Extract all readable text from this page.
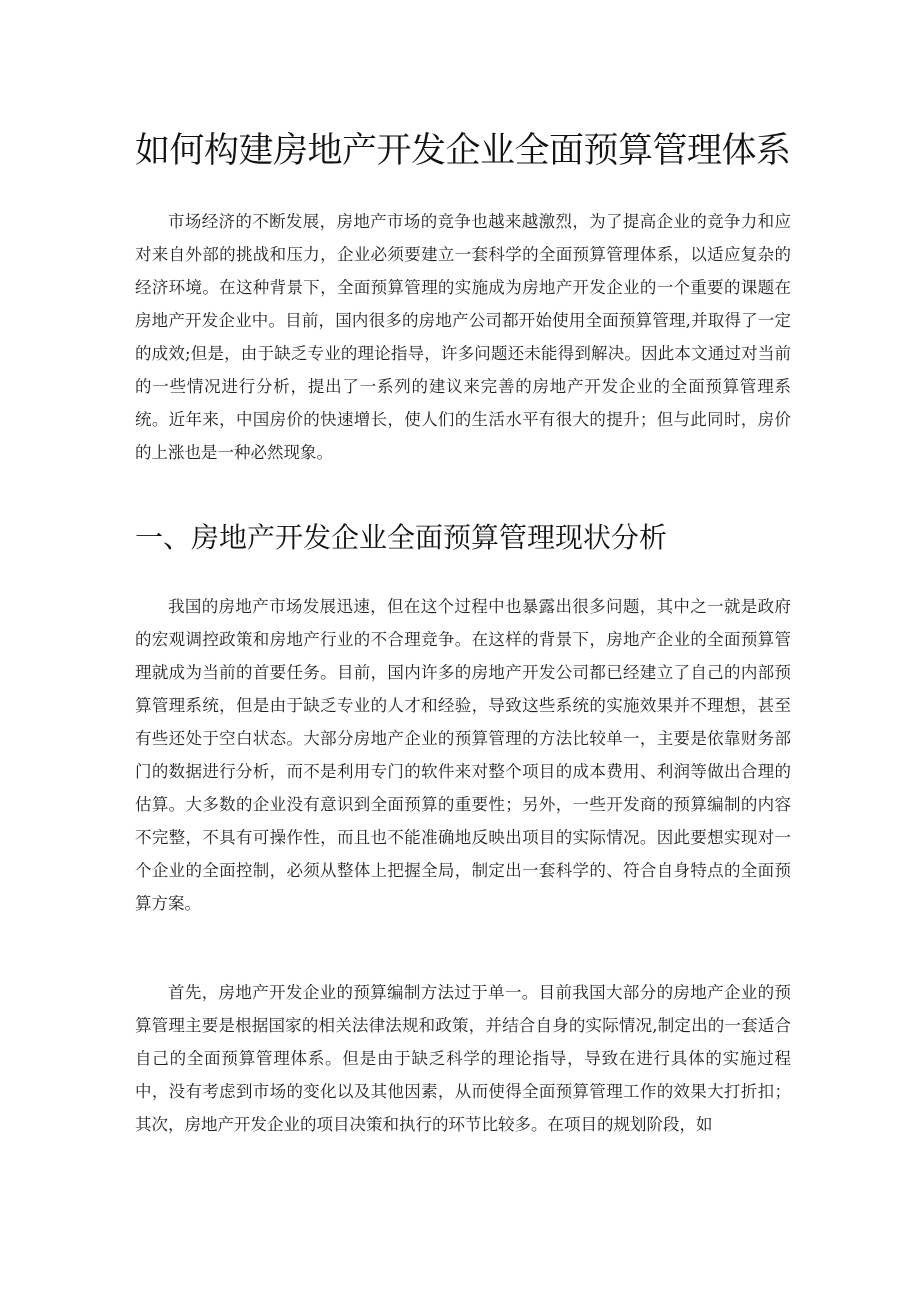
如何构建房地产开发企业全面预算管理体系

市场经济的不断发展，房地产市场的竞争也越来越激烈，为了提高企业的竞争力和应对来自外部的挑战和压力，企业必须要建立一套科学的全面预算管理体系，以适应复杂的经济环境。在这种背景下，全面预算管理的实施成为房地产开发企业的一个重要的课题在房地产开发企业中。目前，国内很多的房地产公司都开始使用全面预算管理,并取得了一定的成效;但是，由于缺乏专业的理论指导，许多问题还未能得到解决。因此本文通过对当前的一些情况进行分析，提出了一系列的建议来完善的房地产开发企业的全面预算管理系统。近年来，中国房价的快速增长，使人们的生活水平有很大的提升；但与此同时，房价的上涨也是一种必然现象。

一、房地产开发企业全面预算管理现状分析

我国的房地产市场发展迅速，但在这个过程中也暴露出很多问题，其中之一就是政府的宏观调控政策和房地产行业的不合理竞争。在这样的背景下，房地产企业的全面预算管理就成为当前的首要任务。目前，国内许多的房地产开发公司都已经建立了自己的内部预算管理系统，但是由于缺乏专业的人才和经验，导致这些系统的实施效果并不理想，甚至有些还处于空白状态。大部分房地产企业的预算管理的方法比较单一，主要是依靠财务部门的数据进行分析，而不是利用专门的软件来对整个项目的成本费用、利润等做出合理的估算。大多数的企业没有意识到全面预算的重要性；另外，一些开发商的预算编制的内容不完整，不具有可操作性，而且也不能准确地反映出项目的实际情况。因此要想实现对一个企业的全面控制，必须从整体上把握全局，制定出一套科学的、符合自身特点的全面预算方案。

首先，房地产开发企业的预算编制方法过于单一。目前我国大部分的房地产企业的预算管理主要是根据国家的相关法律法规和政策，并结合自身的实际情况,制定出的一套适合自己的全面预算管理体系。但是由于缺乏科学的理论指导，导致在进行具体的实施过程中，没有考虑到市场的变化以及其他因素，从而使得全面预算管理工作的效果大打折扣；其次，房地产开发企业的项目决策和执行的环节比较多。在项目的规划阶段，如
